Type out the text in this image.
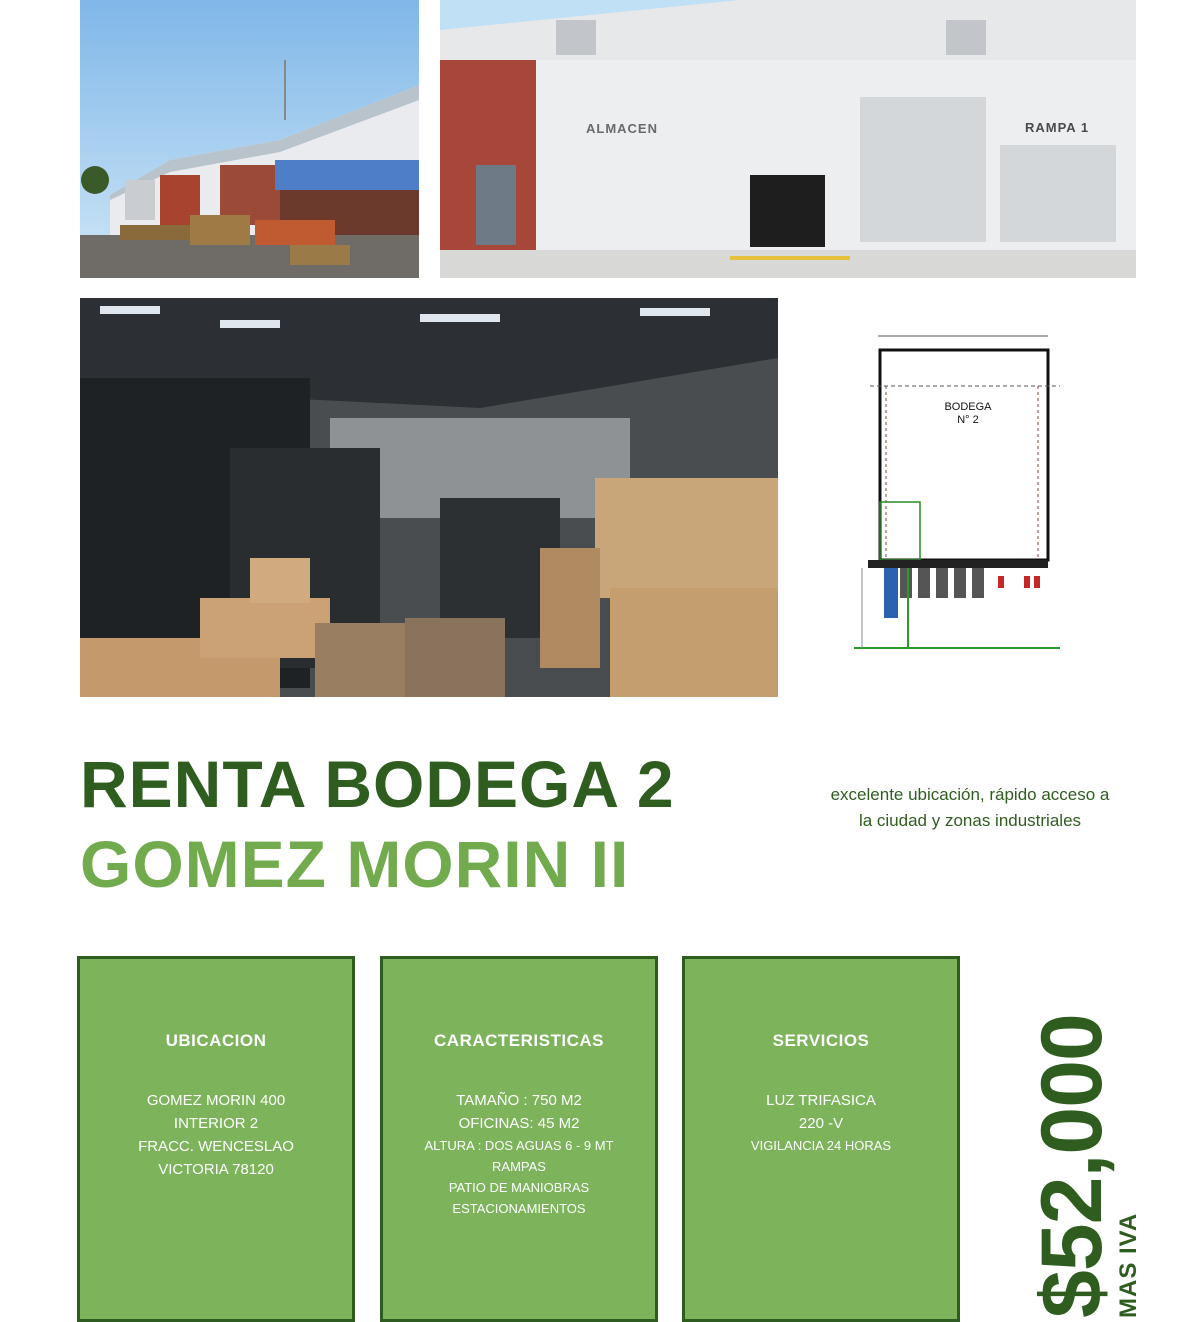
ALMACEN	RAMPA 1
BODEGA
N° 2
RENTA BODEGA 2
GOMEZ MORIN II
excelente ubicación, rápido acceso a la ciudad y zonas industriales
UBICACION
GOMEZ MORIN 400
INTERIOR 2
FRACC. WENCESLAO
VICTORIA 78120
CARACTERISTICAS
TAMAÑO : 750 M2
OFICINAS: 45 M2
ALTURA : DOS AGUAS 6 - 9 MT
RAMPAS
PATIO DE MANIOBRAS
ESTACIONAMIENTOS
SERVICIOS
LUZ TRIFASICA
220 -V
VIGILANCIA 24 HORAS	$52,000
MAS IVA
